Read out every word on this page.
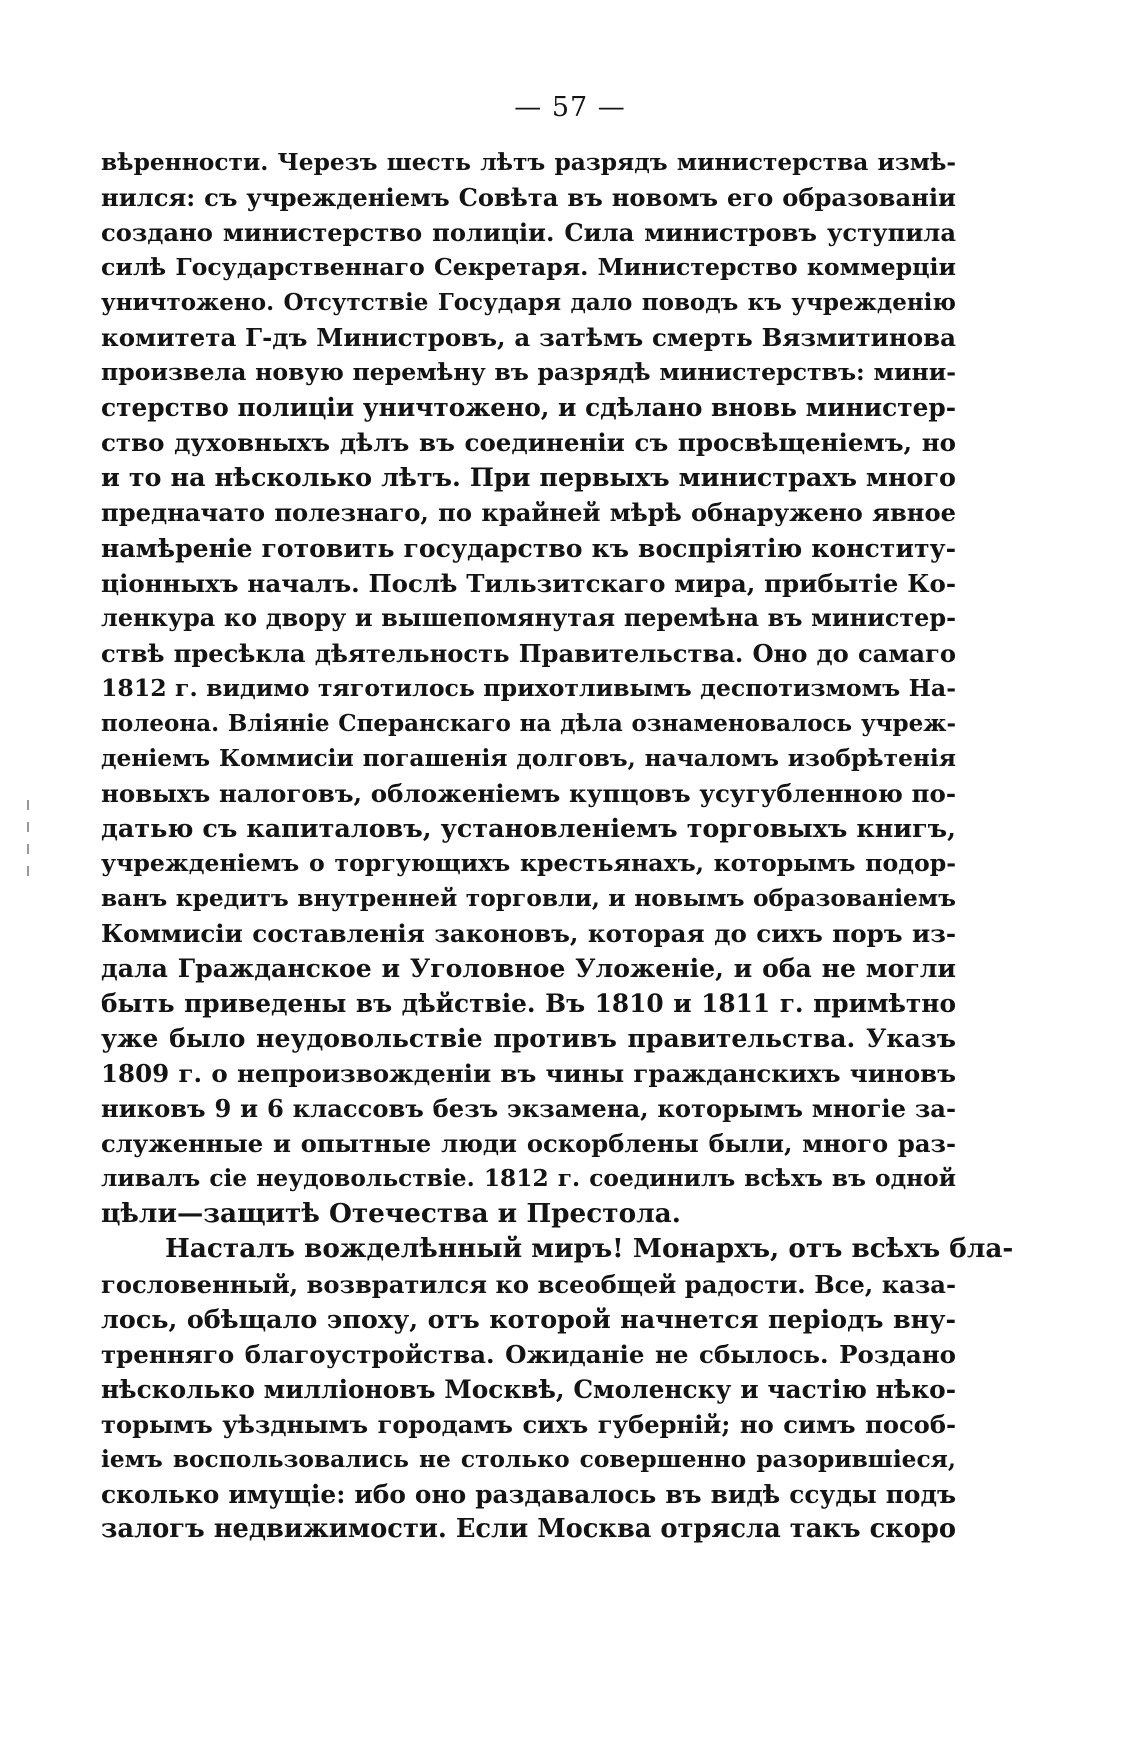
— 57 —
вѣренности. Черезъ шесть лѣтъ разрядъ министерства измѣ-
нился: съ учрежденіемъ Совѣта въ новомъ его образованіи
создано министерство полиціи. Сила министровъ уступила
силѣ Государственнаго Секретаря. Министерство коммерціи
уничтожено. Отсутствіе Государя дало поводъ къ учрежденію
комитета Г-дъ Министровъ, а затѣмъ смерть Вязмитинова
произвела новую перемѣну въ разрядѣ министерствъ: мини-
стерство полиціи уничтожено, и сдѣлано вновь министер-
ство духовныхъ дѣлъ въ соединеніи съ просвѣщеніемъ, но
и то на нѣсколько лѣтъ. При первыхъ министрахъ много
предначато полезнаго, по крайней мѣрѣ обнаружено явное
намѣреніе готовить государство къ воспріятію конститу-
ціонныхъ началъ. Послѣ Тильзитскаго мира, прибытіе Ко-
ленкура ко двору и вышепомянутая перемѣна въ министер-
ствѣ пресѣкла дѣятельность Правительства. Оно до самаго
1812 г. видимо тяготилось прихотливымъ деспотизмомъ На-
полеона. Вліяніе Сперанскаго на дѣла ознаменовалось учреж-
деніемъ Коммисіи погашенія долговъ, началомъ изобрѣтенія
новыхъ налоговъ, обложеніемъ купцовъ усугубленною по-
датью съ капиталовъ, установленіемъ торговыхъ книгъ,
учрежденіемъ о торгующихъ крестьянахъ, которымъ подор-
ванъ кредитъ внутренней торговли, и новымъ образованіемъ
Коммисіи составленія законовъ, которая до сихъ поръ из-
дала Гражданское и Уголовное Уложеніе, и оба не могли
быть приведены въ дѣйствіе. Въ 1810 и 1811 г. примѣтно
уже было неудовольствіе противъ правительства. Указъ
1809 г. о непроизвожденіи въ чины гражданскихъ чиновъ
никовъ 9 и 6 классовъ безъ экзамена, которымъ многіе за-
служенные и опытные люди оскорблены были, много раз-
ливалъ сіе неудовольствіе. 1812 г. соединилъ всѣхъ въ одной
цѣли—защитѣ Отечества и Престола.
Насталъ вожделѣнный миръ! Монархъ, отъ всѣхъ бла-
гословенный, возвратился ко всеобщей радости. Все, каза-
лось, обѣщало эпоху, отъ которой начнется періодъ вну-
тренняго благоустройства. Ожиданіе не сбылось. Роздано
нѣсколько милліоновъ Москвѣ, Смоленску и частію нѣко-
торымъ уѣзднымъ городамъ сихъ губерній; но симъ пособ-
іемъ воспользовались не столько совершенно разорившіеся,
сколько имущіе: ибо оно раздавалось въ видѣ ссуды подъ
залогъ недвижимости. Если Москва отрясла такъ скоро
